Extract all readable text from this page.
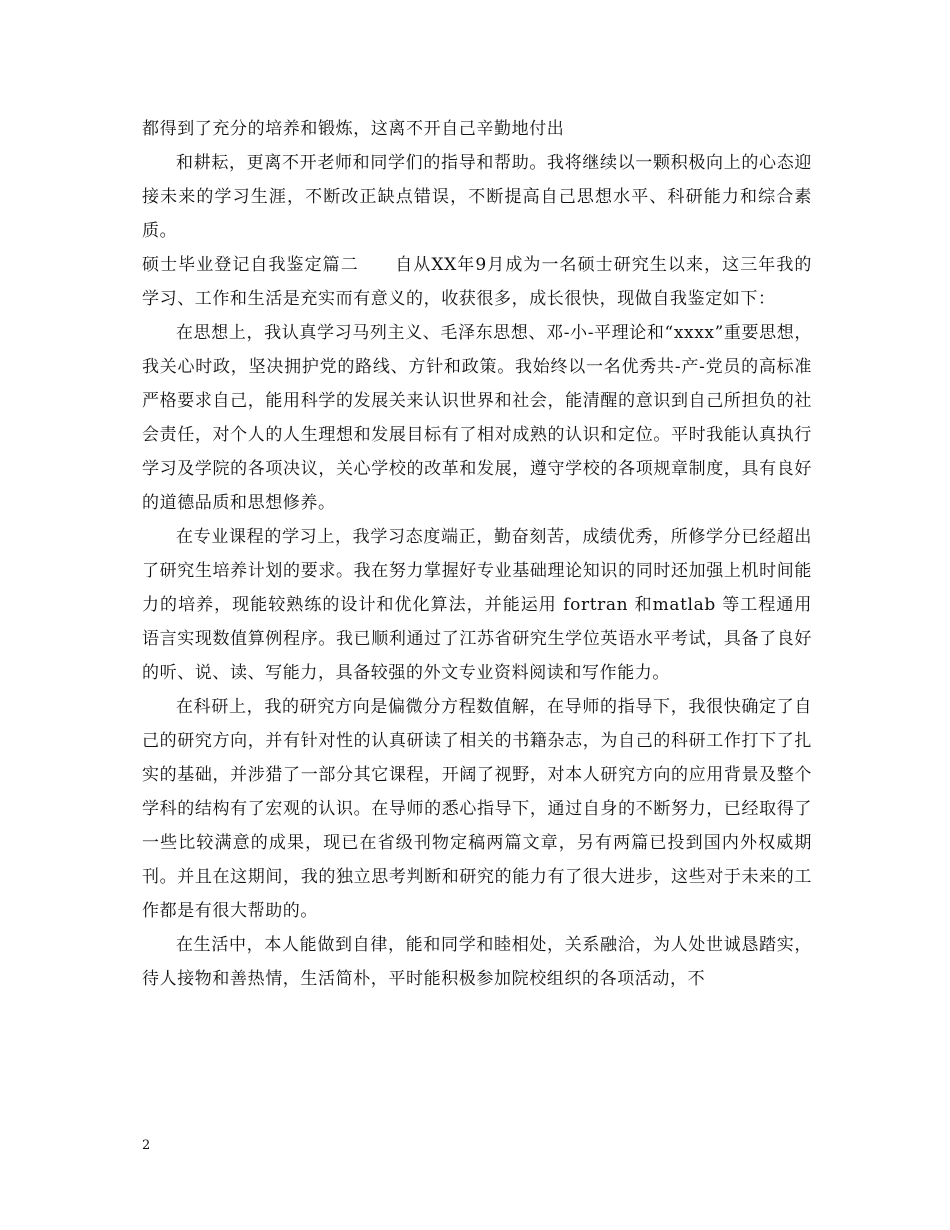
都得到了充分的培养和锻炼，这离不开自己辛勤地付出

和耕耘，更离不开老师和同学们的指导和帮助。我将继续以一颗积极向上的心态迎接未来的学习生涯，不断改正缺点错误，不断提高自己思想水平、科研能力和综合素质。

硕士毕业登记自我鉴定篇二 自从XX年9月成为一名硕士研究生以来，这三年我的学习、工作和生活是充实而有意义的，收获很多，成长很快，现做自我鉴定如下：

在思想上，我认真学习马列主义、毛泽东思想、邓-小-平理论和“xxxx”重要思想，我关心时政，坚决拥护党的路线、方针和政策。我始终以一名优秀共-产-党员的高标准严格要求自己，能用科学的发展关来认识世界和社会，能清醒的意识到自己所担负的社会责任，对个人的人生理想和发展目标有了相对成熟的认识和定位。平时我能认真执行学习及学院的各项决议，关心学校的改革和发展，遵守学校的各项规章制度，具有良好的道德品质和思想修养。

在专业课程的学习上，我学习态度端正，勤奋刻苦，成绩优秀，所修学分已经超出了研究生培养计划的要求。我在努力掌握好专业基础理论知识的同时还加强上机时间能力的培养，现能较熟练的设计和优化算法，并能运用 fortran 和matlab 等工程通用语言实现数值算例程序。我已顺利通过了江苏省研究生学位英语水平考试，具备了良好的听、说、读、写能力，具备较强的外文专业资料阅读和写作能力。

在科研上，我的研究方向是偏微分方程数值解，在导师的指导下，我很快确定了自己的研究方向，并有针对性的认真研读了相关的书籍杂志，为自己的科研工作打下了扎实的基础，并涉猎了一部分其它课程，开阔了视野，对本人研究方向的应用背景及整个学科的结构有了宏观的认识。在导师的悉心指导下，通过自身的不断努力，已经取得了一些比较满意的成果，现已在省级刊物定稿两篇文章，另有两篇已投到国内外权威期刊。并且在这期间，我的独立思考判断和研究的能力有了很大进步，这些对于未来的工作都是有很大帮助的。

在生活中，本人能做到自律，能和同学和睦相处，关系融洽，为人处世诚恳踏实，待人接物和善热情，生活简朴，平时能积极参加院校组织的各项活动，不

2
